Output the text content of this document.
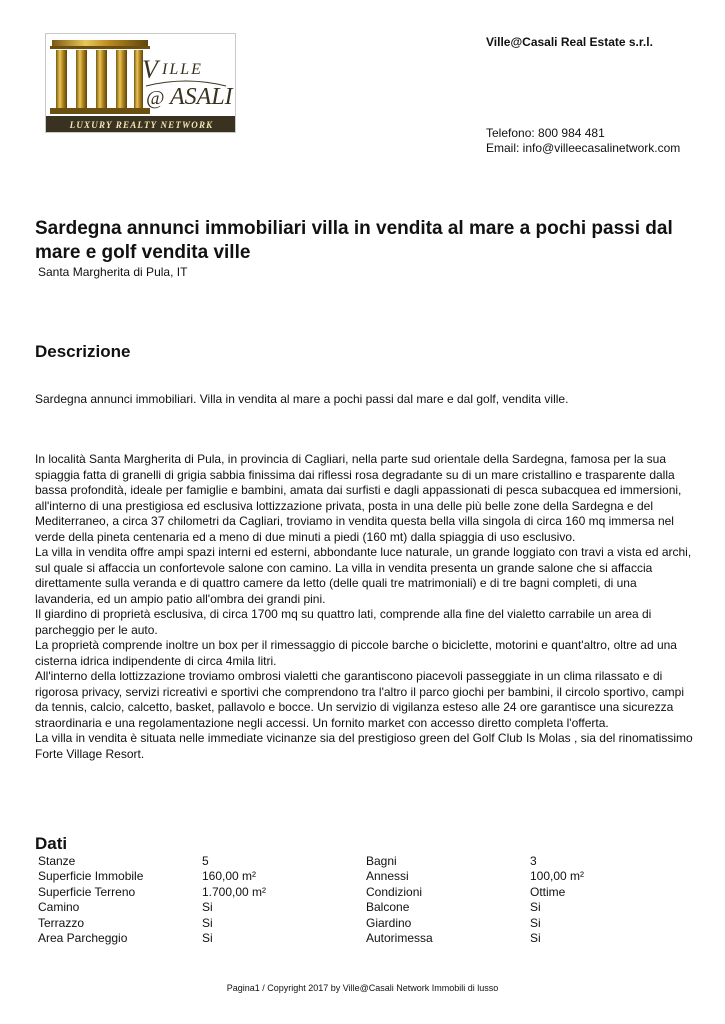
V ILLE
@ ASALI
LUXURY REALTY NETWORK
Ville@Casali Real Estate s.r.l.
Telefono: 800 984 481
Email: info@villeecasalinetwork.com
Sardegna annunci immobiliari villa in vendita al mare a pochi passi dal mare e golf vendita ville
Santa Margherita di Pula, IT
Descrizione
Sardegna annunci immobiliari. Villa in vendita al mare a pochi passi dal mare e dal golf, vendita ville.

In località Santa Margherita di Pula, in provincia di Cagliari, nella parte sud orientale della Sardegna, famosa per la sua spiaggia fatta di granelli di grigia sabbia finissima dai riflessi rosa degradante su di un mare cristallino e trasparente dalla bassa profondità, ideale per famiglie e bambini, amata dai surfisti e dagli appassionati di pesca subacquea ed immersioni, all'interno di una prestigiosa ed esclusiva lottizzazione privata, posta in una delle più belle zone della Sardegna e del Mediterraneo, a circa 37 chilometri da Cagliari, troviamo in vendita questa bella villa singola di circa 160 mq immersa nel verde della pineta centenaria ed a meno di due minuti a piedi (160 mt) dalla spiaggia di uso esclusivo.

La villa in vendita offre ampi spazi interni ed esterni, abbondante luce naturale, un grande loggiato con travi a vista ed archi, sul quale si affaccia un confortevole salone con camino. La villa in vendita presenta un grande salone che si affaccia direttamente sulla veranda e di quattro camere da letto (delle quali tre matrimoniali) e di tre bagni completi, di una lavanderia, ed un ampio patio all'ombra dei grandi pini.

Il giardino di proprietà esclusiva, di circa 1700 mq su quattro lati, comprende alla fine del vialetto carrabile un area di parcheggio per le auto.

La proprietà comprende inoltre un box per il rimessaggio di piccole barche o biciclette, motorini e quant'altro, oltre ad una cisterna idrica indipendente di circa 4mila litri.

All'interno della lottizzazione troviamo ombrosi vialetti che garantiscono piacevoli passeggiate in un clima rilassato e di rigorosa privacy, servizi ricreativi e sportivi che comprendono tra l'altro il parco giochi per bambini, il circolo sportivo, campi da tennis, calcio, calcetto, basket, pallavolo e bocce. Un servizio di vigilanza esteso alle 24 ore garantisce una sicurezza straordinaria e una regolamentazione negli accessi. Un fornito market con accesso diretto completa l'offerta.

La villa in vendita è situata nelle immediate vicinanze sia del prestigioso green del Golf Club Is Molas , sia del rinomatissimo Forte Village Resort.

Dati
Stanze	5	Bagni	3
Superficie Immobile	160,00 m²	Annessi	100,00 m²
Superficie Terreno	1.700,00 m²	Condizioni	Ottime
Camino	Si	Balcone	Si
Terrazzo	Si	Giardino	Si
Area Parcheggio	Si	Autorimessa	Si
Pagina1 / Copyright 2017 by Ville@Casali Network Immobili di lusso
